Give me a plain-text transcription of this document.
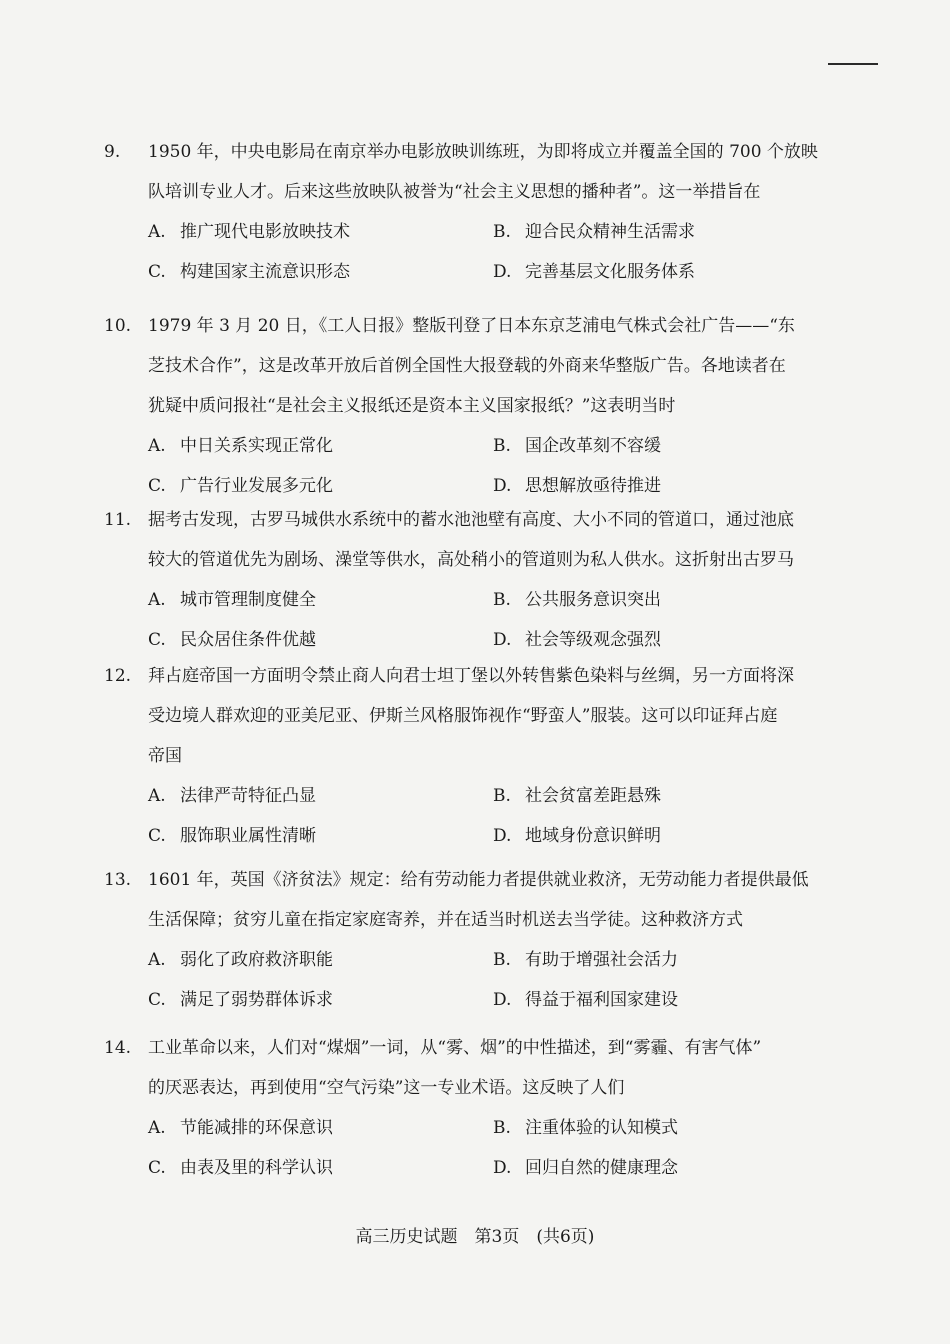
9.	1950 年，中央电影局在南京举办电影放映训练班，为即将成立并覆盖全国的 700 个放映
队培训专业人才。后来这些放映队被誉为“社会主义思想的播种者”。这一举措旨在
A. 推广现代电影放映技术	B. 迎合民众精神生活需求
C. 构建国家主流意识形态	D. 完善基层文化服务体系
10. 1979 年 3 月 20 日，《工人日报》整版刊登了日本东京芝浦电气株式会社广告——“东
芝技术合作”，这是改革开放后首例全国性大报登载的外商来华整版广告。各地读者在
犹疑中质问报社“是社会主义报纸还是资本主义国家报纸？”这表明当时
A. 中日关系实现正常化	B. 国企改革刻不容缓
C. 广告行业发展多元化	D. 思想解放亟待推进
11. 据考古发现，古罗马城供水系统中的蓄水池池壁有高度、大小不同的管道口，通过池底
较大的管道优先为剧场、澡堂等供水，高处稍小的管道则为私人供水。这折射出古罗马
A. 城市管理制度健全	B. 公共服务意识突出
C. 民众居住条件优越	D. 社会等级观念强烈
12. 拜占庭帝国一方面明令禁止商人向君士坦丁堡以外转售紫色染料与丝绸，另一方面将深
受边境人群欢迎的亚美尼亚、伊斯兰风格服饰视作“野蛮人”服装。这可以印证拜占庭
帝国
A. 法律严苛特征凸显	B. 社会贫富差距悬殊
C. 服饰职业属性清晰	D. 地域身份意识鲜明
13. 1601 年，英国《济贫法》规定：给有劳动能力者提供就业救济，无劳动能力者提供最低
生活保障；贫穷儿童在指定家庭寄养，并在适当时机送去当学徒。这种救济方式
A. 弱化了政府救济职能	B. 有助于增强社会活力
C. 满足了弱势群体诉求	D. 得益于福利国家建设
14. 工业革命以来，人们对“煤烟”一词，从“雾、烟”的中性描述，到“雾霾、有害气体”
的厌恶表达，再到使用“空气污染”这一专业术语。这反映了人们
A. 节能减排的环保意识	B. 注重体验的认知模式
C. 由表及里的科学认识	D. 回归自然的健康理念
高三历史试题　第3页　(共6页)
